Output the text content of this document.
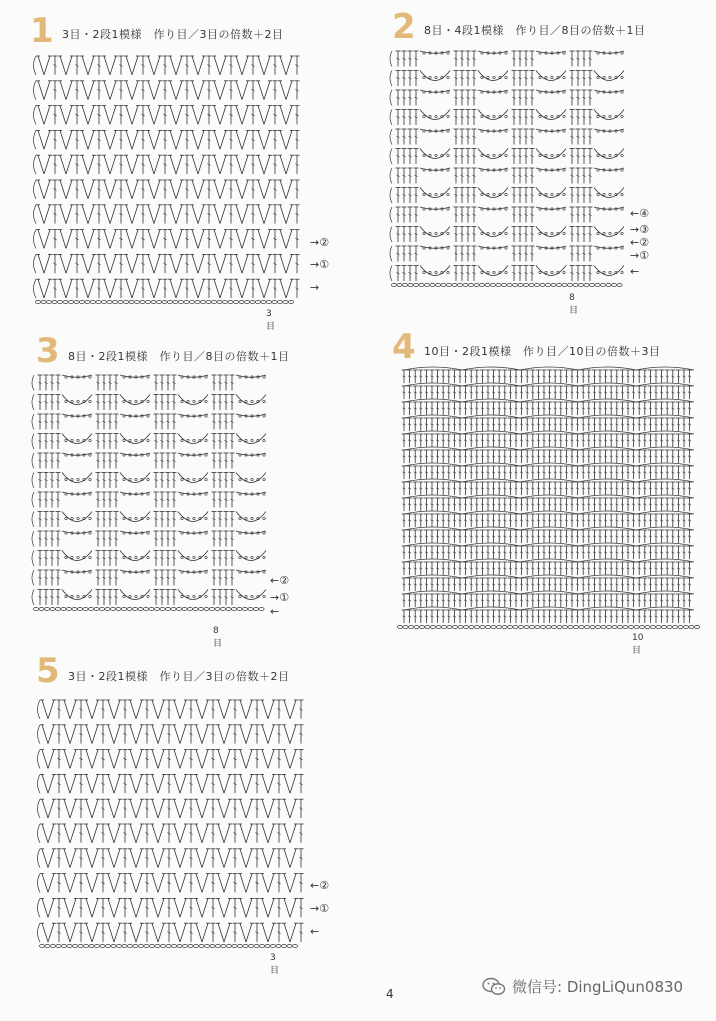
1 3目・2段1模様　作り目／3目の倍数＋2目
→②
→①
→
3目
2 8目・4段1模様　作り目／8目の倍数＋1目
←④
→③
←②
→①
←
8目
3 8目・2段1模様　作り目／8目の倍数＋1目
←②
→①
←
8目
4 10目・2段1模様　作り目／10目の倍数＋3目
10目
5 3目・2段1模様　作り目／3目の倍数＋2目
←②
→①
←
3目
4	微信号: DingLiQun0830
